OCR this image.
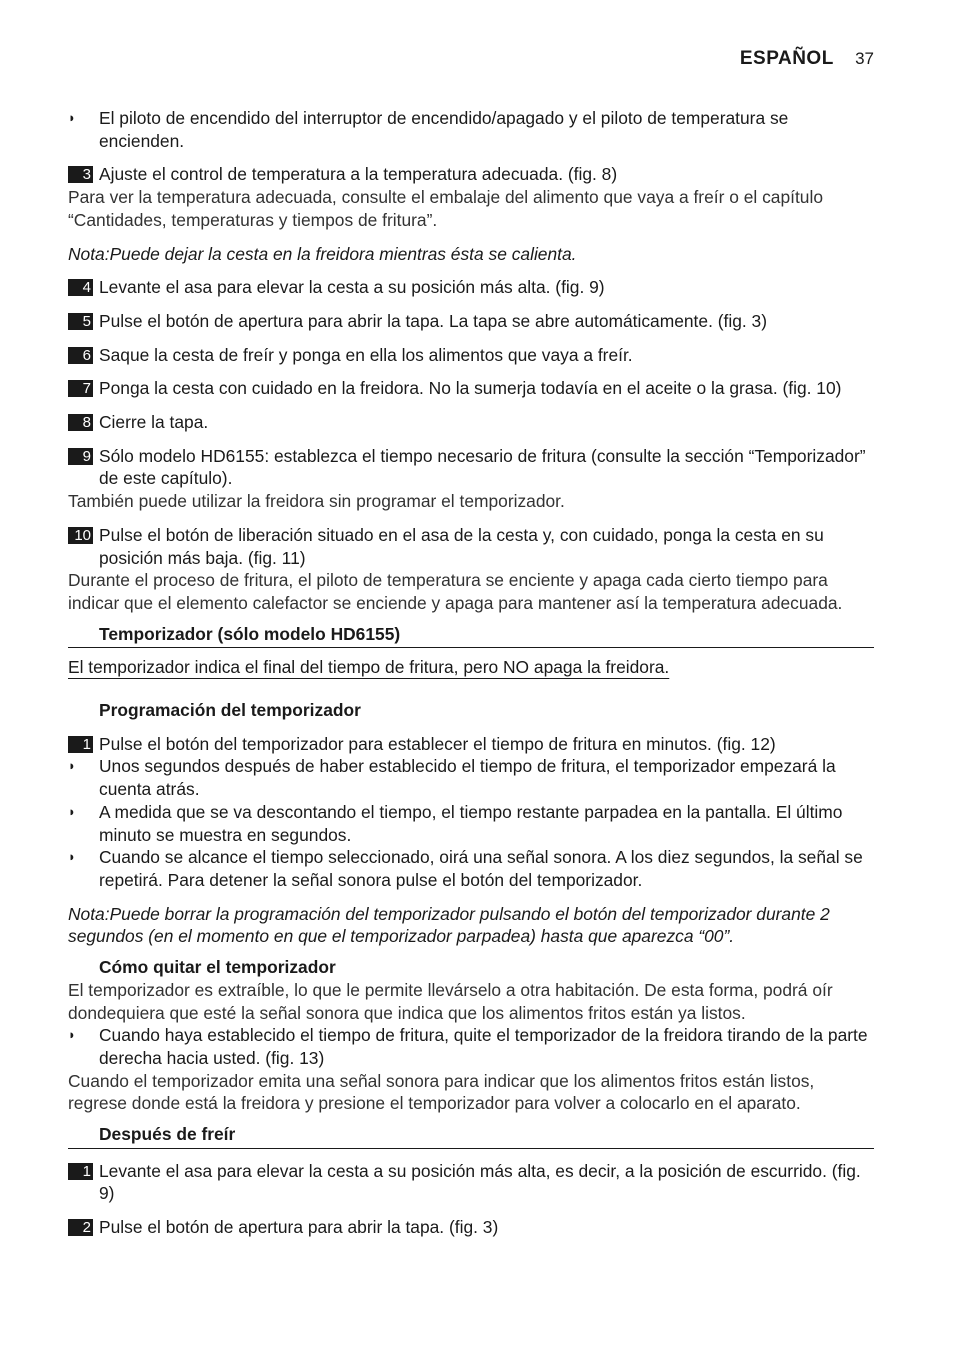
ESPAÑOL 37
◗ El piloto de encendido del interruptor de encendido/apagado y el piloto de temperatura se encienden.
3 Ajuste el control de temperatura a la temperatura adecuada. (fig. 8)
Para ver la temperatura adecuada, consulte el embalaje del alimento que vaya a freír o el capítulo “Cantidades, temperaturas y tiempos de fritura”.
Nota:Puede dejar la cesta en la freidora mientras ésta se calienta.
4 Levante el asa para elevar la cesta a su posición más alta. (fig. 9)
5 Pulse el botón de apertura para abrir la tapa. La tapa se abre automáticamente. (fig. 3)
6 Saque la cesta de freír y ponga en ella los alimentos que vaya a freír.
7 Ponga la cesta con cuidado en la freidora. No la sumerja todavía en el aceite o la grasa. (fig. 10)
8 Cierre la tapa.
9 Sólo modelo HD6155: establezca el tiempo necesario de fritura (consulte la sección “Temporizador” de este capítulo).
También puede utilizar la freidora sin programar el temporizador.
10 Pulse el botón de liberación situado en el asa de la cesta y, con cuidado, ponga la cesta en su posición más baja. (fig. 11)
Durante el proceso de fritura, el piloto de temperatura se enciente y apaga cada cierto tiempo para indicar que el elemento calefactor se enciende y apaga para mantener así la temperatura adecuada.
Temporizador (sólo modelo HD6155)
El temporizador indica el final del tiempo de fritura, pero NO apaga la freidora.
Programación del temporizador
1 Pulse el botón del temporizador para establecer el tiempo de fritura en minutos. (fig. 12)
◗ Unos segundos después de haber establecido el tiempo de fritura, el temporizador empezará la cuenta atrás.
◗ A medida que se va descontando el tiempo, el tiempo restante parpadea en la pantalla. El último minuto se muestra en segundos.
◗ Cuando se alcance el tiempo seleccionado, oirá una señal sonora. A los diez segundos, la señal se repetirá. Para detener la señal sonora pulse el botón del temporizador.
Nota:Puede borrar la programación del temporizador pulsando el botón del temporizador durante 2 segundos (en el momento en que el temporizador parpadea) hasta que aparezca “00”.
Cómo quitar el temporizador
El temporizador es extraíble, lo que le permite llevárselo a otra habitación. De esta forma, podrá oír dondequiera que esté la señal sonora que indica que los alimentos fritos están ya listos.
◗ Cuando haya establecido el tiempo de fritura, quite el temporizador de la freidora tirando de la parte derecha hacia usted. (fig. 13)
Cuando el temporizador emita una señal sonora para indicar que los alimentos fritos están listos, regrese donde está la freidora y presione el temporizador para volver a colocarlo en el aparato.
Después de freír
1 Levante el asa para elevar la cesta a su posición más alta, es decir, a la posición de escurrido. (fig. 9)
2 Pulse el botón de apertura para abrir la tapa. (fig. 3)
